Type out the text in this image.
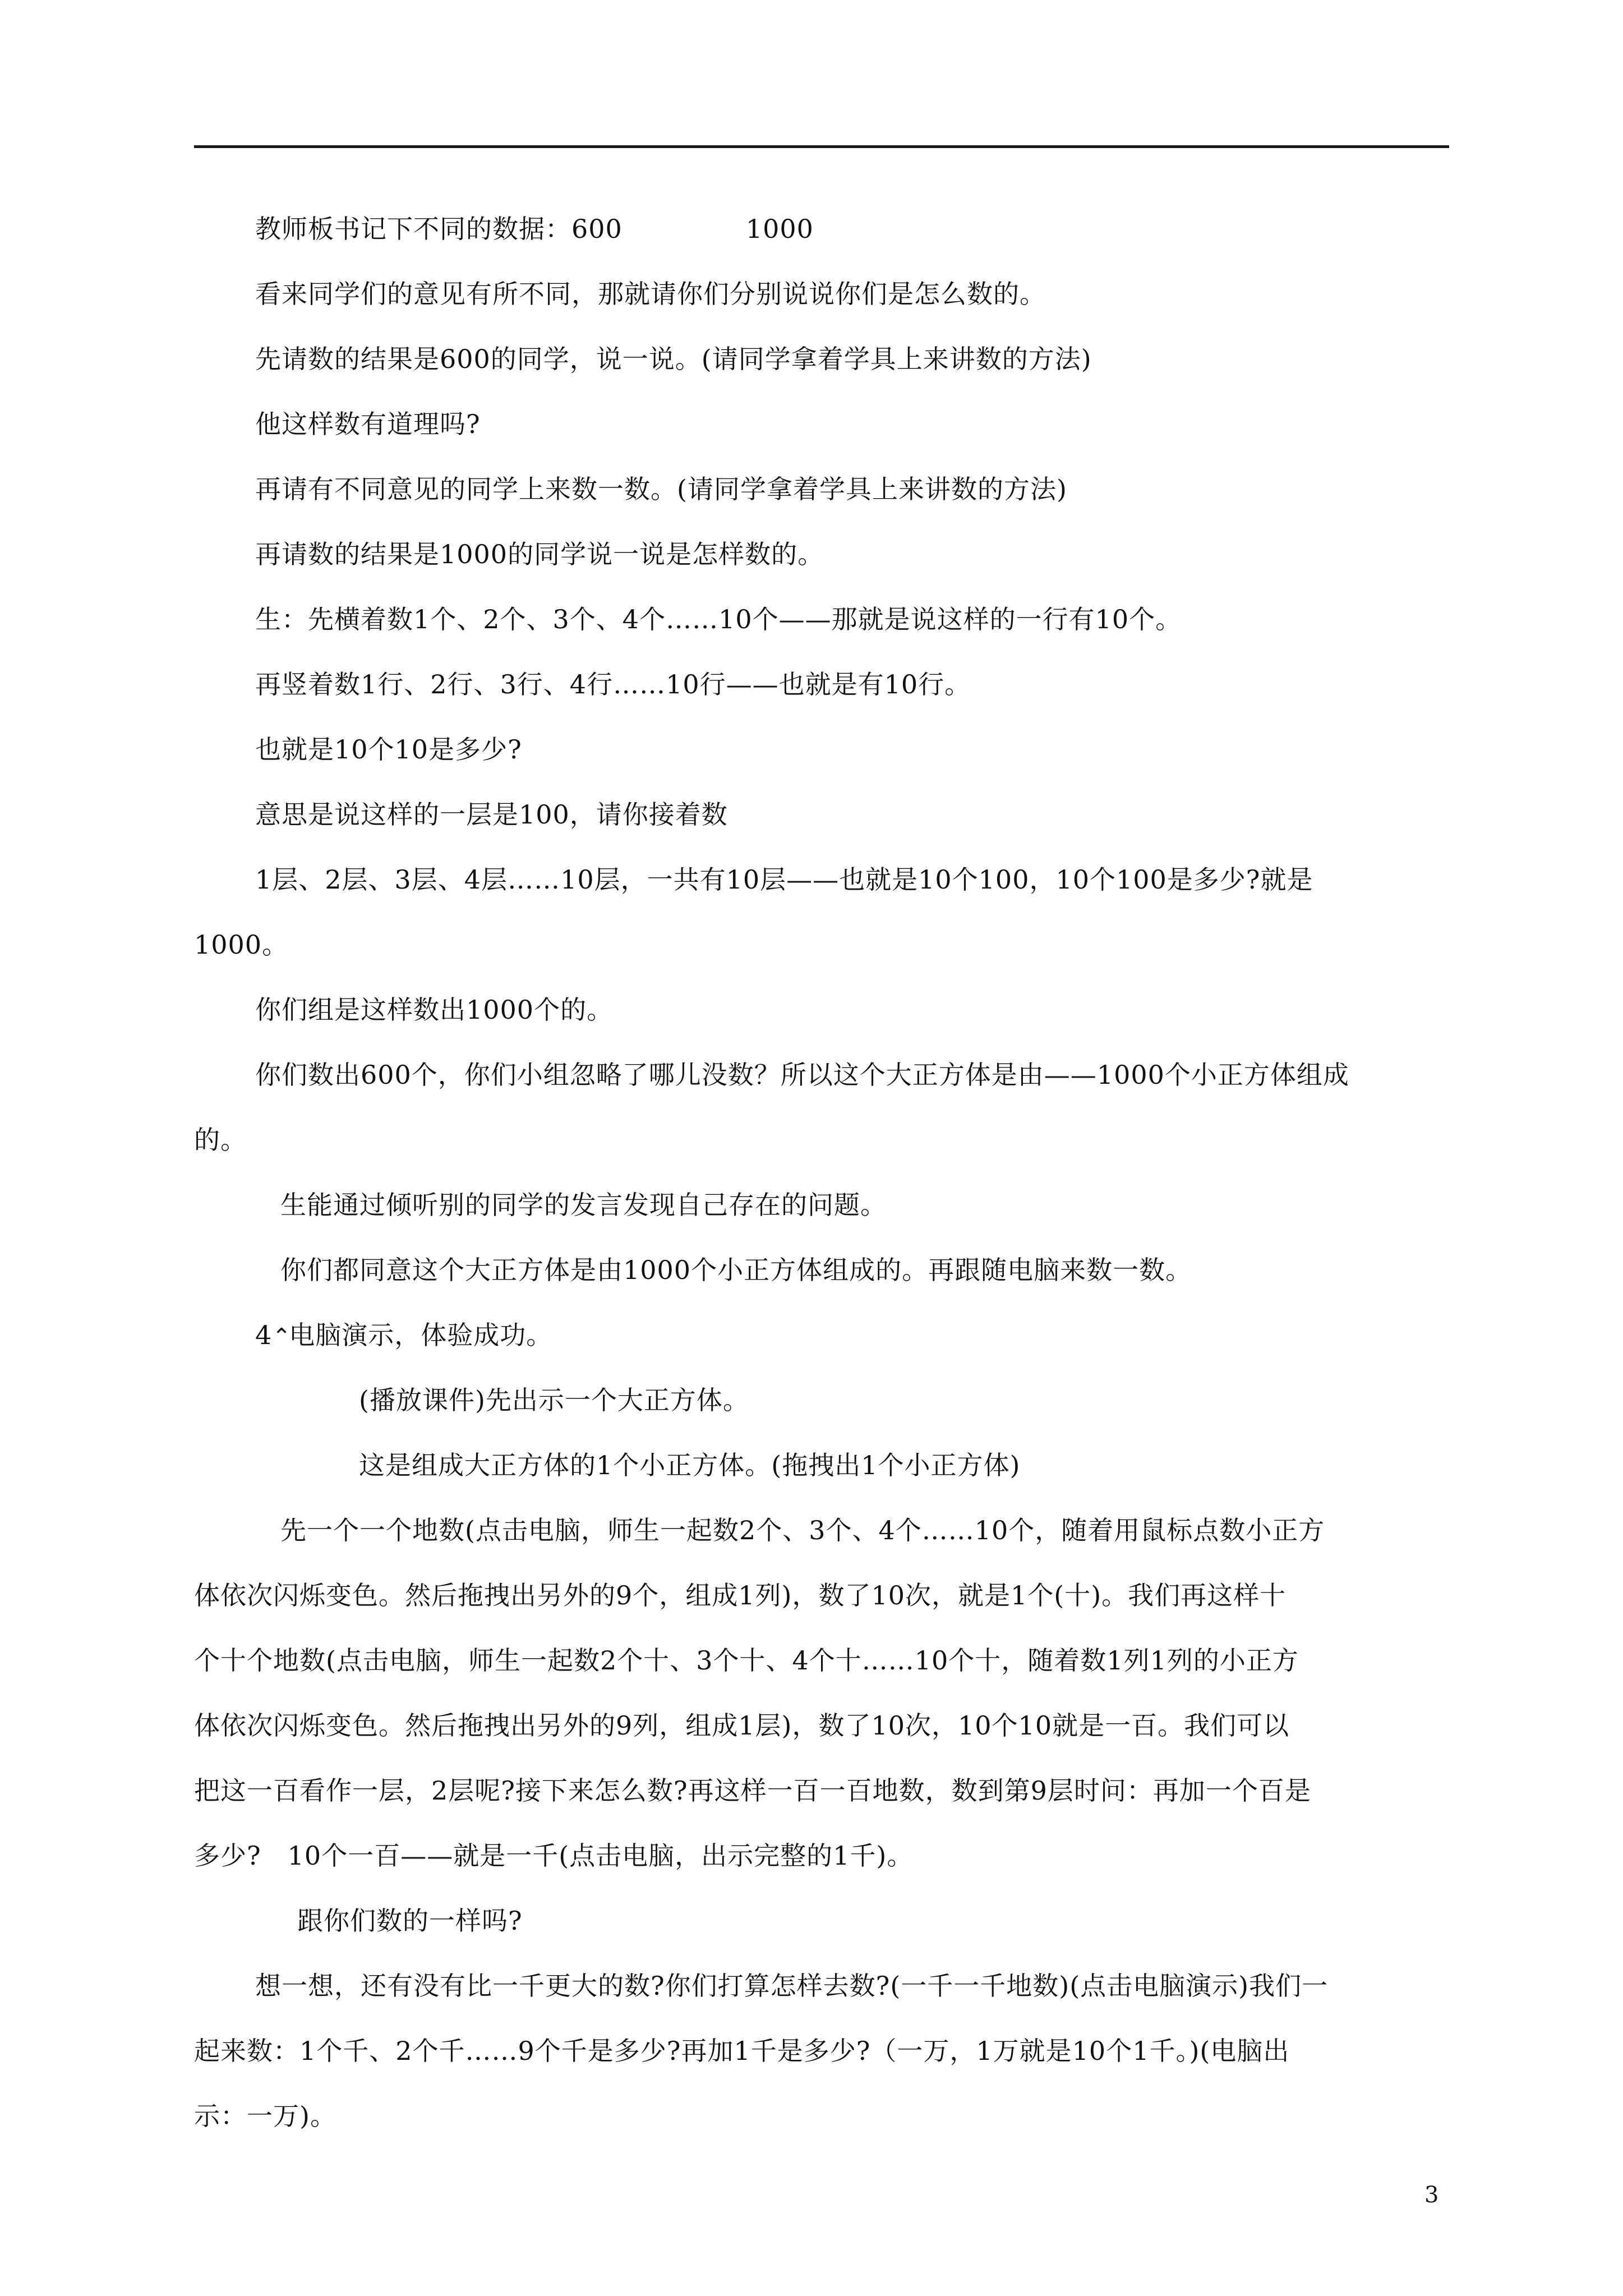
教师板书记下不同的数据：600	1000
看来同学们的意见有所不同，那就请你们分别说说你们是怎么数的。
先请数的结果是600的同学，说一说。(请同学拿着学具上来讲数的方法)
他这样数有道理吗?
再请有不同意见的同学上来数一数。(请同学拿着学具上来讲数的方法)
再请数的结果是1000的同学说一说是怎样数的。
生：先横着数1个、2个、3个、4个……10个——那就是说这样的一行有10个。
再竖着数1行、2行、3行、4行……10行——也就是有10行。
也就是10个10是多少?
意思是说这样的一层是100，请你接着数
1层、2层、3层、4层……10层，一共有10层——也就是10个100，10个100是多少?就是
1000。
你们组是这样数出1000个的。
你们数出600个，你们小组忽略了哪儿没数？所以这个大正方体是由——1000个小正方体组成
的。
生能通过倾听别的同学的发言发现自己存在的问题。
你们都同意这个大正方体是由1000个小正方体组成的。再跟随电脑来数一数。
4⌃电脑演示，体验成功。
(播放课件)先出示一个大正方体。
这是组成大正方体的1个小正方体。(拖拽出1个小正方体)
先一个一个地数(点击电脑，师生一起数2个、3个、4个……10个，随着用鼠标点数小正方
体依次闪烁变色。然后拖拽出另外的9个，组成1列)，数了10次，就是1个(十)。我们再这样十
个十个地数(点击电脑，师生一起数2个十、3个十、4个十……10个十，随着数1列1列的小正方
体依次闪烁变色。然后拖拽出另外的9列，组成1层)，数了10次，10个10就是一百。我们可以
把这一百看作一层，2层呢?接下来怎么数?再这样一百一百地数，数到第9层时问：再加一个百是
多少?　10个一百——就是一千(点击电脑，出示完整的1千)。
跟你们数的一样吗?
想一想，还有没有比一千更大的数?你们打算怎样去数?(一千一千地数)(点击电脑演示)我们一
起来数：1个千、2个千……9个千是多少?再加1千是多少?（一万，1万就是10个1千。)(电脑出
示：一万)。
3
